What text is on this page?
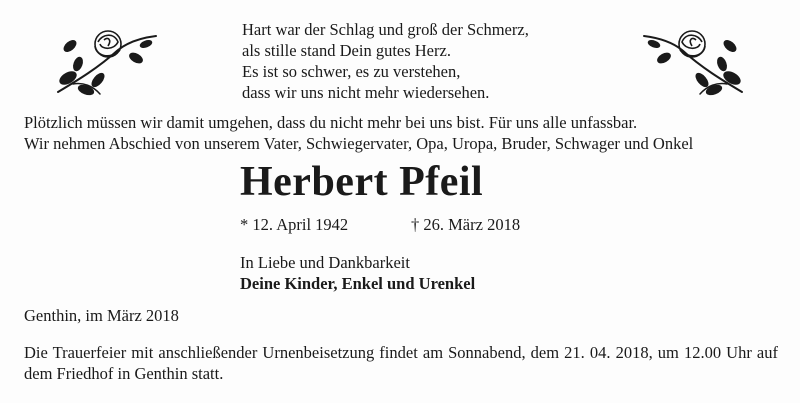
Hart war der Schlag und groß der Schmerz,
als stille stand Dein gutes Herz.
Es ist so schwer, es zu verstehen,
dass wir uns nicht mehr wiedersehen.
Plötzlich müssen wir damit umgehen, dass du nicht mehr bei uns bist. Für uns alle unfassbar.
Wir nehmen Abschied von unserem Vater, Schwiegervater, Opa, Uropa, Bruder, Schwager und Onkel
Herbert Pfeil
* 12. April 1942	† 26. März 2018
In Liebe und Dankbarkeit
Deine Kinder, Enkel und Urenkel
Genthin, im März 2018
Die Trauerfeier mit anschließender Urnenbeisetzung findet am Sonnabend, dem 21. 04. 2018, um 12.00 Uhr auf dem Friedhof in Genthin statt.
